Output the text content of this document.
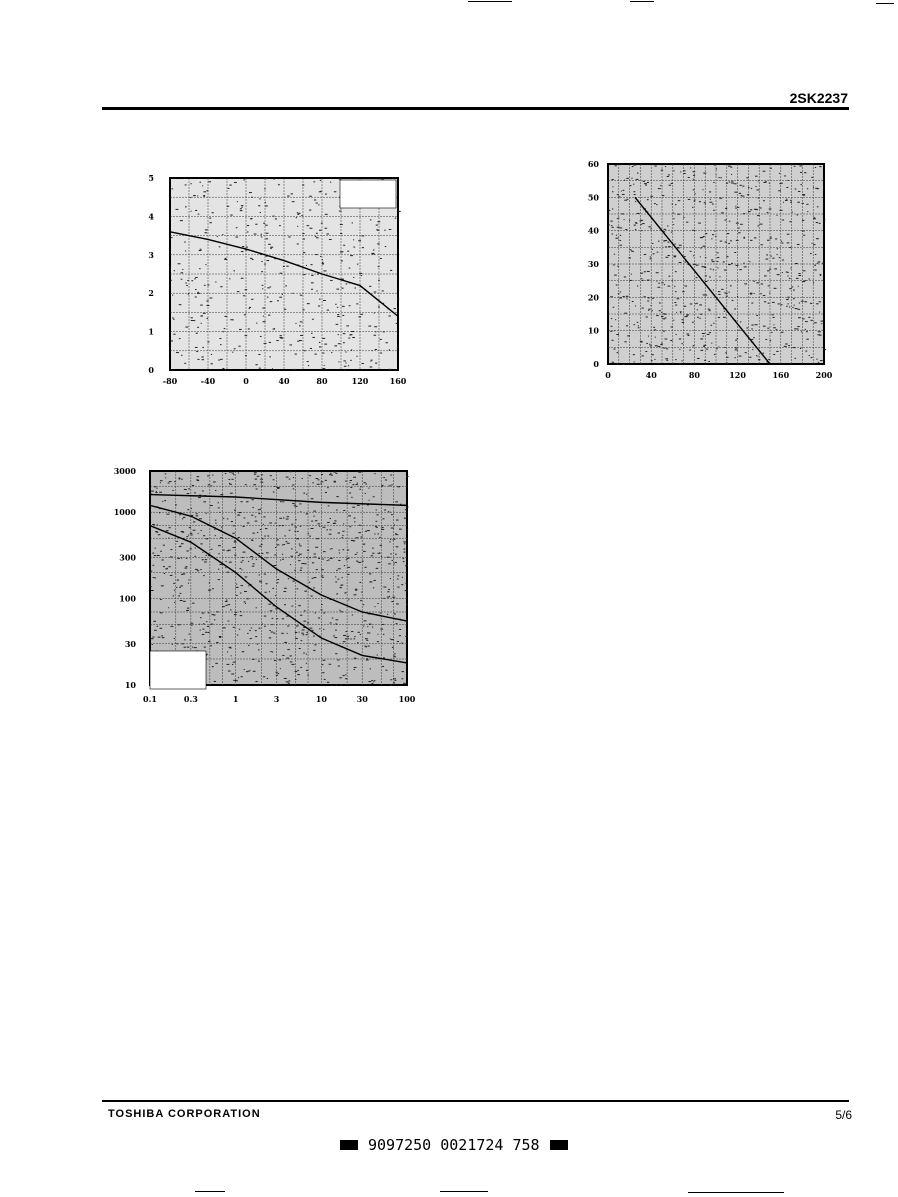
2SK2237
-80	-40	0	40	80	120	160
0
1
2
3
4
5
0	40	80	120	160	200
0
10
20
30
40
50
60
0.1	0.3	1	3	10	30	100
10
30
100
300
1000
3000
TOSHIBA CORPORATION	5/6
9097250 0021724 758
